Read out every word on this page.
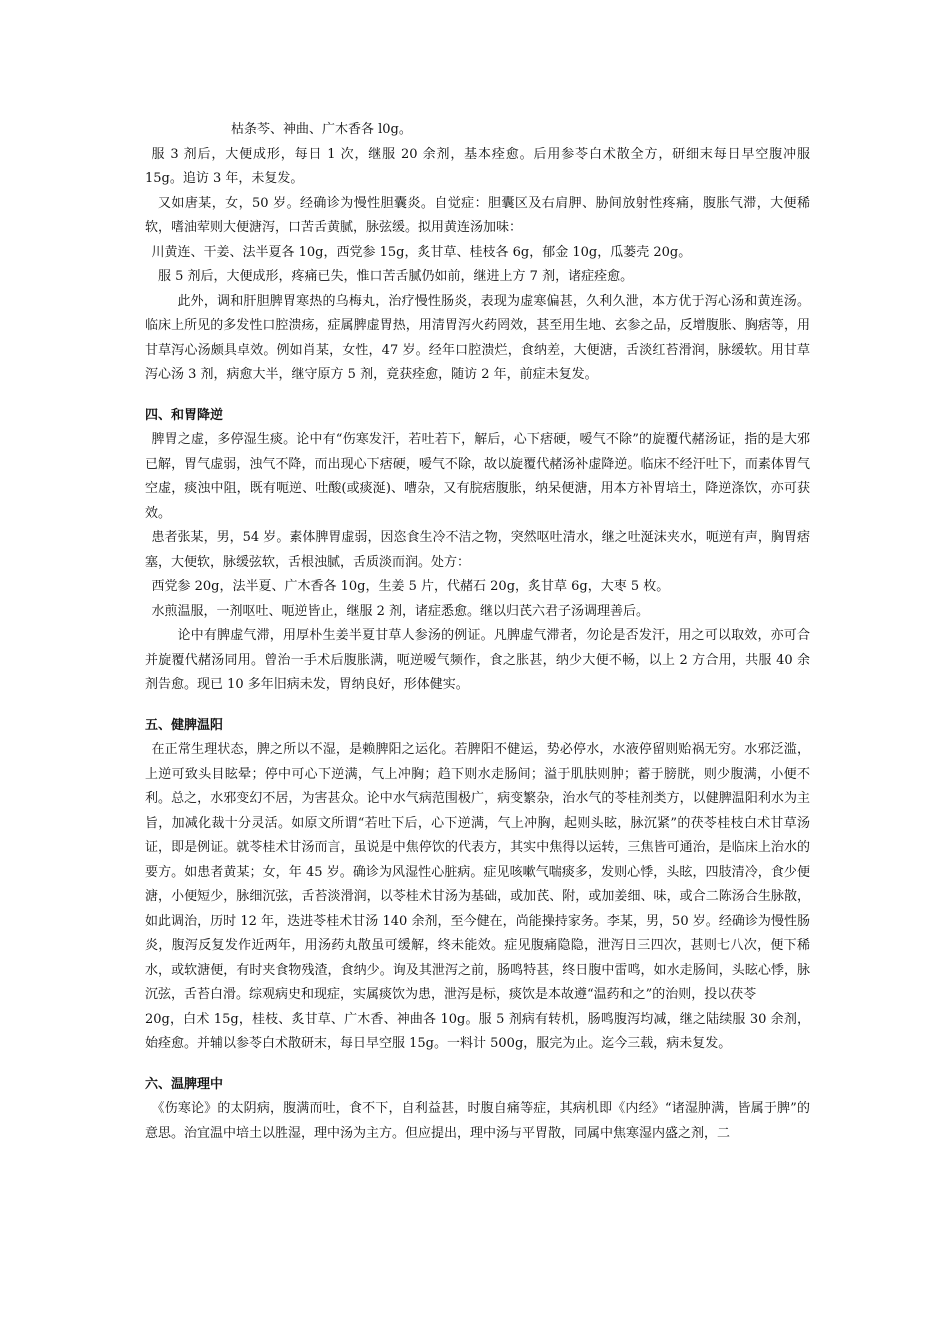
枯条芩、神曲、广木香各 l0g。

服 3 剂后，大便成形，每日 1 次，继服 20 余剂，基本痊愈。后用参苓白术散全方，研细末每日早空腹冲服 15g。追访 3 年，未复发。

又如唐某，女，50 岁。经确诊为慢性胆囊炎。自觉症：胆囊区及右肩胛、胁间放射性疼痛，腹胀气滞，大便稀软，嗜油荤则大便溏泻，口苦舌黄腻，脉弦缓。拟用黄连汤加味：

川黄连、干姜、法半夏各 10g，西党参 15g，炙甘草、桂枝各 6g，郁金 10g，瓜蒌壳 20g。

服 5 剂后，大便成形，疼痛已失，惟口苦舌腻仍如前，继进上方 7 剂，诸症痊愈。

此外，调和肝胆脾胃寒热的乌梅丸，治疗慢性肠炎，表现为虚寒偏甚，久利久泄，本方优于泻心汤和黄连汤。临床上所见的多发性口腔溃疡，症属脾虚胃热，用清胃泻火药罔效，甚至用生地、玄参之品，反增腹胀、胸痞等，用甘草泻心汤颇具卓效。例如肖某，女性，47 岁。经年口腔溃烂，食纳差，大便溏，舌淡红苔滑润，脉缓软。用甘草泻心汤 3 剂，病愈大半，继守原方 5 剂，竟获痊愈，随访 2 年，前症未复发。

四、和胃降逆

脾胃之虚，多停湿生痰。论中有“伤寒发汗，若吐若下，解后，心下痞硬，嗳气不除”的旋覆代赭汤证，指的是大邪已解，胃气虚弱，浊气不降，而出现心下痞硬，嗳气不除，故以旋覆代赭汤补虚降逆。临床不经汗吐下，而素体胃气空虚，痰浊中阻，既有呃逆、吐酸(或痰涎)、嘈杂，又有脘痞腹胀，纳呆便溏，用本方补胃培土，降逆涤饮，亦可获效。

患者张某，男，54 岁。素体脾胃虚弱，因恣食生冷不洁之物，突然呕吐清水，继之吐涎沫夹水，呃逆有声，胸胃痞塞，大便软，脉缓弦软，舌根浊腻，舌质淡而润。处方：

西党参 20g，法半夏、广木香各 10g，生姜 5 片，代赭石 20g，炙甘草 6g，大枣 5 枚。

水煎温服，一剂呕吐、呃逆皆止，继服 2 剂，诸症悉愈。继以归芪六君子汤调理善后。

论中有脾虚气滞，用厚朴生姜半夏甘草人参汤的例证。凡脾虚气滞者，勿论是否发汗，用之可以取效，亦可合并旋覆代赭汤同用。曾治一手术后腹胀满，呃逆嗳气频作，食之胀甚，纳少大便不畅，以上 2 方合用，共服 40 余剂告愈。现已 10 多年旧病未发，胃纳良好，形体健实。

五、健脾温阳

在正常生理状态，脾之所以不湿，是赖脾阳之运化。若脾阳不健运，势必停水，水液停留则贻祸无穷。水邪泛滥，上逆可致头目眩晕；停中可心下逆满，气上冲胸；趋下则水走肠间；溢于肌肤则肿；蓄于膀胱，则少腹满，小便不利。总之，水邪变幻不居，为害甚众。论中水气病范围极广，病变繁杂，治水气的苓桂剂类方，以健脾温阳利水为主旨，加减化裁十分灵活。如原文所谓“若吐下后，心下逆满，气上冲胸，起则头眩，脉沉紧”的茯苓桂枝白术甘草汤证，即是例证。就苓桂术甘汤而言，虽说是中焦停饮的代表方，其实中焦得以运转，三焦皆可通治，是临床上治水的要方。如患者黄某；女，年 45 岁。确诊为风湿性心脏病。症见咳嗽气喘痰多，发则心悸，头眩，四肢清冷，食少便溏，小便短少，脉细沉弦，舌苔淡滑润，以苓桂术甘汤为基础，或加芪、附，或加姜细、味，或合二陈汤合生脉散，如此调治，历时 12 年，迭进苓桂术甘汤 140 余剂，至今健在，尚能操持家务。李某，男，50 岁。经确诊为慢性肠炎，腹泻反复发作近两年，用汤药丸散虽可缓解，终未能效。症见腹痛隐隐，泄泻日三四次，甚则七八次，便下稀水，或软溏便，有时夹食物残渣，食纳少。询及其泄泻之前，肠鸣特甚，终日腹中雷鸣，如水走肠间，头眩心悸，脉沉弦，舌苔白滑。综观病史和现症，实属痰饮为患，泄泻是标，痰饮是本故遵“温药和之”的治则，投以茯苓

20g，白术 15g，桂枝、炙甘草、广木香、神曲各 10g。服 5 剂病有转机，肠鸣腹泻均减，继之陆续服 30 余剂，始痊愈。并辅以参苓白术散研末，每日早空服 15g。一料计 500g，服完为止。迄今三载，病未复发。

六、温脾理中

《伤寒论》的太阴病，腹满而吐，食不下，自利益甚，时腹自痛等症，其病机即《内经》“诸湿肿满，皆属于脾”的意思。治宜温中培土以胜湿，理中汤为主方。但应提出，理中汤与平胃散，同属中焦寒湿内盛之剂，二
